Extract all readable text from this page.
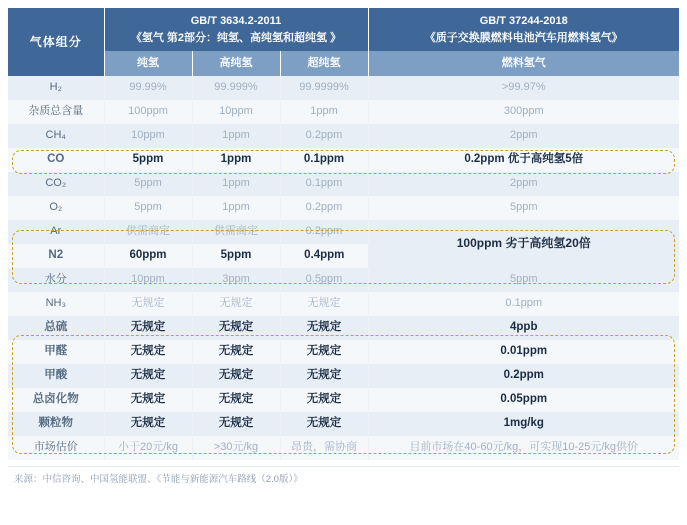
气体组分	
GB/T 3634.2-2011
《氢气 第2部分：纯氢、高纯氢和超纯氢 》

GB/T 37244-2018
《质子交换膜燃料电池汽车用燃料氢气》

	纯氢	高纯氢	超纯氢	燃料氢气
H₂	99.99%	99.999%	99.9999%	>99.97%
杂质总含量	100ppm	10ppm	1ppm	300ppm
CH₄	10ppm	1ppm	0.2ppm	2ppm
CO	5ppm	1ppm	0.1ppm	0.2ppm 优于高纯氢5倍
CO₂	5ppm	1ppm	0.1ppm	2ppm
O₂	5ppm	1ppm	0.2ppm	5ppm
Ar	供需商定	供需商定	0.2ppm	100ppm 劣于高纯氢20倍
N2	60ppm	5ppm	0.4ppm	
水分	10ppm	3ppm	0.5ppm	5ppm
NH₃	无规定	无规定	无规定	0.1ppm
总硫	无规定	无规定	无规定	4ppb
甲醛	无规定	无规定	无规定	0.01ppm
甲酸	无规定	无规定	无规定	0.2ppm
总卤化物	无规定	无规定	无规定	0.05ppm
颗粒物	无规定	无规定	无规定	1mg/kg
市场估价	小于20元/kg	>30元/kg	昂贵，需协商	目前市场在40-60元/kg，可实现10-25元/kg供价
来源：中信咨询、中国氢能联盟、《节能与新能源汽车路线（2.0版）》
